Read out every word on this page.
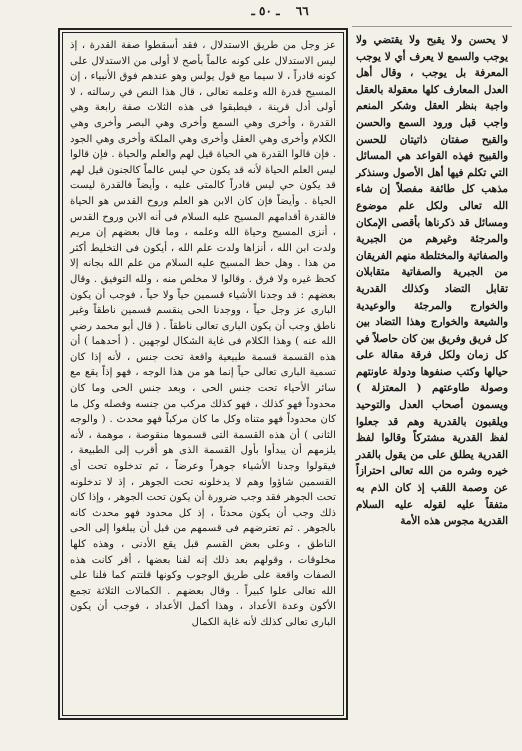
٦٦ ـ ٥٠ ـ
عز وجل من طريق الاستدلال ، فقد أسقطوا صفة القدرة ، إذ ليس الاستدلال على كونه عالماً بأصح لا أولى من الاستدلال على كونه قادراً ، لا سيما مع قول يولس وهو عندهم فوق الأنبياء ، إن المسيح قدرة الله وعلمه تعالى ، قال هذا النص في رسالته ، لا أولى أدل قرينة ، فيطبقوا فى هذه الثلاث صفة رابعة وهي القدرة ، وأخرى وهي السمع وأخرى وهي البصر وأخرى وهي الكلام وأخرى وهي العقل وأخرى وهي الملكة وأخرى وهي الجود . فإن قالوا القدرة هي الحياة قيل لهم والعلم والحياة . فإن قالوا ليس العلم الحياة لأنه قد يكون حي ليس عالماً كالجنون قيل لهم قد يكون حي ليس قادراً كالمتى عليه ، وأيضاً فالقدرة ليست الحياة . وأيضاً فإن كان الابن هو العلم وروح القدس هو الحياة فالقدرة أقدامهم المسيح عليه السلام فى أنه الابن وروح القدس ، أنزى المسيح وحياة الله وعلمه ، وما قال بعضهم إن مريم ولدت ابن الله ، أنزاها ولدت علم الله ، أيكون فى التخليط أكثر من هذا . وهل حظ المسيح عليه السلام من علم الله بجانه إلا كحظ غيره ولا فرق . وقالوا لا مخلص منه ، ولله التوفيق . وقال بعضهم : قد وجدنا الأشياء قسمين حياً ولا حياً ، فوجب أن يكون البارى عز وجل حياً ، ووجدنا الحى ينقسم قسمين ناطقاً وغير ناطق وجب أن يكون البارى تعالى ناطقاً . ( قال أبو محمد رضي الله عنه ) وهذا الكلام فى غاية الشكال لوجهين . ( أحدهما ) أن هذه القسمة قسمة طبيعية واقعة تحت جنس ، لأنه إذا كان تسمية البارى تعالى حياً إنما هو من هذا الوجه ، فهو إذاً يقع مع سائر الأحياء تحت جنس الحى ، وبعد جنس الحى وما كان محدوداً فهو كذلك ، فهو كذلك مركب من جنسه وفصله وكل ما كان محدوداً فهو متناه وكل ما كان مركباً فهو محدث . ( والوجه الثانى ) أن هذه القسمة التى قسموها منقوصة ، موهمة ، لأنه يلزمهم أن يبدأوا بأول القسمة الذى هو أقرب إلى الطبيعة ، فيقولوا وجدنا الأشياء جوهراً وعرضاً ، ثم تدخلوه تحت أى القسمين شاؤوا وهم لا يدخلونه تحت الجوهر ، إذ لا تدخلونه تحت الجوهر فقد وجب ضرورة أن يكون تحت الجوهر ، وإذا كان ذلك وجب أن يكون محدثاً ، إذ كل محدود فهو محدث كانه بالجوهر . ثم تعترضهم فى قسمهم من قبل أن يبلغوا إلى الحى الناطق ، وعلى بعض القسم قبل يقع الأدنى ، وهذه كلها مخلوقات ، وقولهم بعد ذلك إنه لفنا بعضها ، أقر كانت هذه الصفات واقعة على طريق الوجوب وكونها قلتتم كما فلنا على الله تعالى علوا كبيراً . وقال بعضهم . الكمالات الثلاثة تجمع الأكون وعدة الأعداد ، وهذا أكمل الأعداد ، فوجب أن يكون البارى تعالى كذلك لأنه غاية الكمال
لا يحسن ولا يقبح ولا يقتضي ولا يوجب والسمع لا يعرف أي لا يوجب المعرفة بل يوجب ، وقال أهل العدل المعارف كلها معقولة بالعقل واجبة بنظر العقل وشكر المنعم واجب قبل ورود السمع والحسن والقبح صفتان ذاتيتان للحسن والقبيح فهذه القواعد هي المسائل التي تكلم فيها أهل الأصول وسنذكر مذهب كل طائفة مفصلاً إن شاء الله تعالى ولكل علم موضوع ومسائل قد ذكرناها بأقصى الإمكان والمرجئة وغيرهم من الجبرية والصفاتية والمختلطة منهم الفريقان من الجبرية والصفاتية متقابلان تقابل التضاد وكذلك القدرية والخوارج والمرجئة والوعيدية والشيعة والخوارج وهذا التضاد بين كل فريق وفريق بين كان حاصلاً في كل زمان ولكل فرقة مقالة على حيالها وكتب صنفوها ودولة عاونتهم وصولة طاوعتهم ( المعتزلة ) ويسمون أصحاب العدل والتوحيد ويلقبون بالقدرية وهم قد جعلوا لفظ القدرية مشتركاً وقالوا لفظ القدرية يطلق على من يقول بالقدر خيره وشره من الله تعالى احترازاً عن وصمة اللقب إذ كان الذم به متفقاً عليه لقوله عليه السلام القدرية مجوس هذه الأمة
